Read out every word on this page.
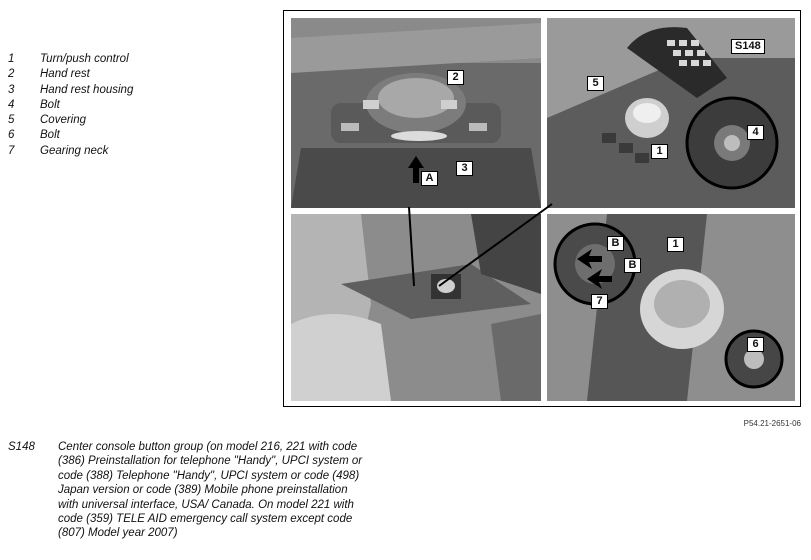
1	Turn/push control
2	Hand rest
3	Hand rest housing
4	Bolt
5	Covering
6	Bolt
7	Gearing neck
2
3
A
S148
5
1
4
1
B
B
7
6
P54.21-2651-06
S148	Center console button group (on model 216, 221 with code (386) Preinstallation for telephone "Handy", UPCI system or code (388) Telephone "Handy", UPCI system or code (498) Japan version or code (389) Mobile phone preinstallation with universal interface, USA/ Canada. On model 221 with code (359) TELE AID emergency call system except code (807) Model year 2007)
